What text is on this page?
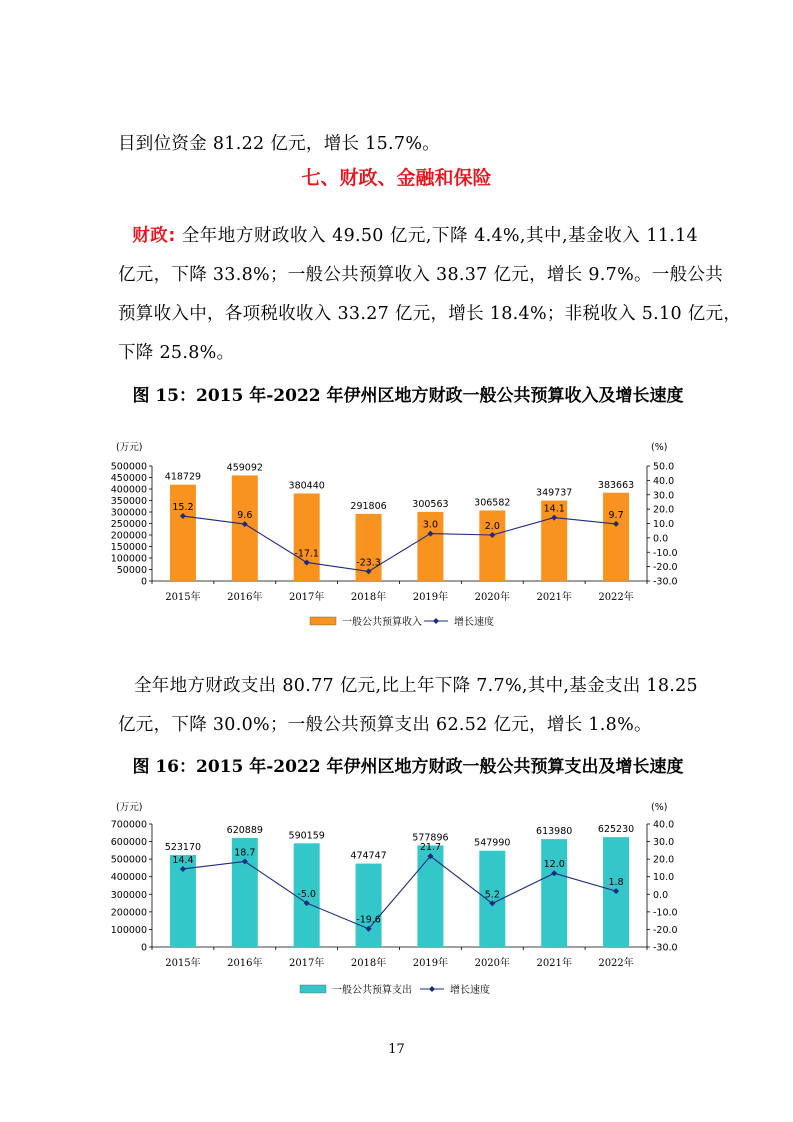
目到位资金 81.22 亿元，增长 15.7%。
七、财政、金融和保险
财政: 全年地方财政收入 49.50 亿元,下降 4.4%,其中,基金收入 11.14
亿元，下降 33.8%；一般公共预算收入 38.37 亿元，增长 9.7%。一般公共
预算收入中，各项税收收入 33.27 亿元，增长 18.4%；非税收入 5.10 亿元，
下降 25.8%。
图 15：2015 年-2022 年伊州区地方财政一般公共预算收入及增长速度
(万元)	(%)
500000
450000
400000
350000
300000
250000
200000
150000
100000
50000
0
50.0
40.0
30.0
20.0
10.0
0.0
-10.0
-20.0
-30.0
418729
459092
380440
291806	300563	306582
349737
383663
15.2
9.6
-17.1
-23.3
3.0	2.0
14.1
9.7
2015年	2016年	2017年	2018年	2019年	2020年	2021年	2022年
一般公共预算收入	增长速度
全年地方财政支出 80.77 亿元,比上年下降 7.7%,其中,基金支出 18.25
亿元，下降 30.0%；一般公共预算支出 62.52 亿元，增长 1.8%。
图 16：2015 年-2022 年伊州区地方财政一般公共预算支出及增长速度
(万元)	(%)
700000
600000
500000
400000
300000
200000
100000
0
40.0
30.0
20.0
10.0
0.0
-10.0
-20.0
-30.0
523170
620889	590159
474747
577896	547990
613980	625230
14.4
18.7
-5.0
-19.6
21.7
5.2
12.0
1.8
2015年	2016年	2017年	2018年	2019年	2020年	2021年	2022年
一般公共预算支出	增长速度
17
